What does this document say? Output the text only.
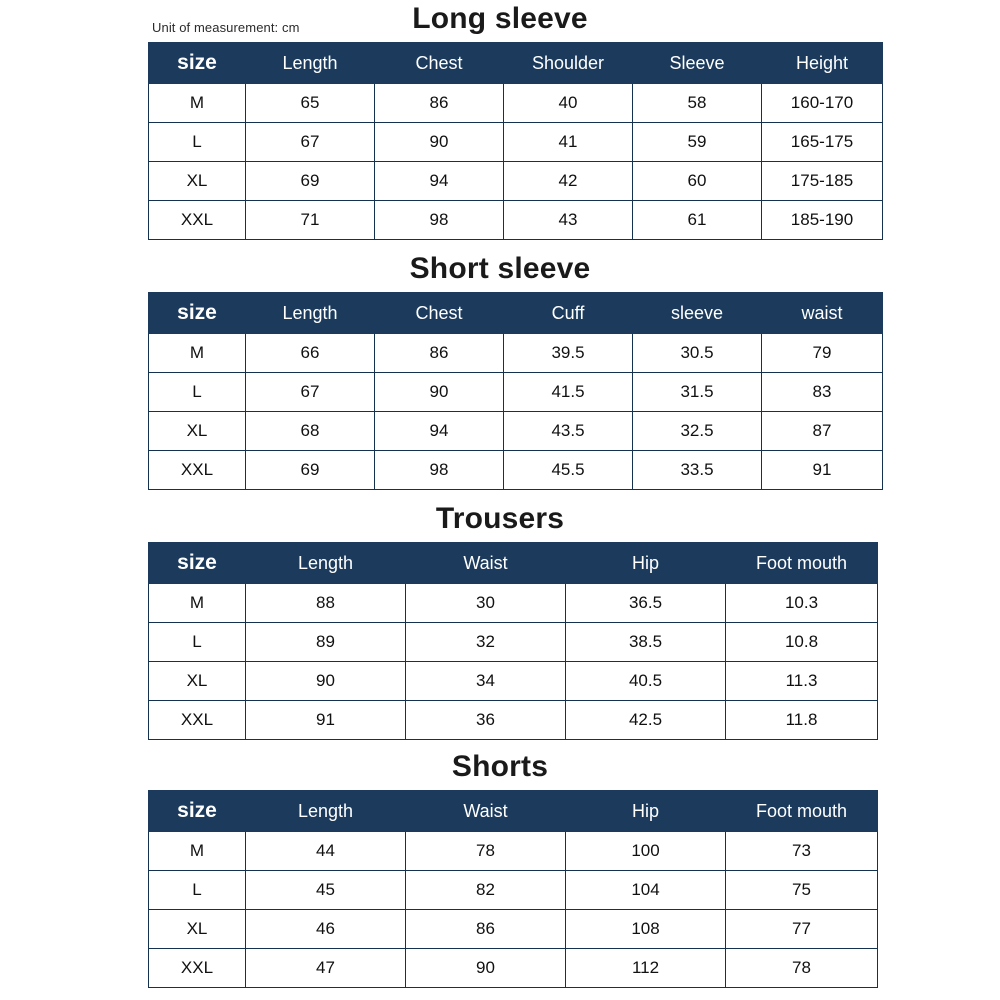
Unit of measurement: cm	Long sleeve
size	Length	Chest	Shoulder	Sleeve	Height
M	65	86	40	58	160-170
L	67	90	41	59	165-175
XL	69	94	42	60	175-185
XXL	71	98	43	61	185-190
Short sleeve
size	Length	Chest	Cuff	sleeve	waist
M	66	86	39.5	30.5	79
L	67	90	41.5	31.5	83
XL	68	94	43.5	32.5	87
XXL	69	98	45.5	33.5	91
Trousers
size	Length	Waist	Hip	Foot mouth
M	88	30	36.5	10.3
L	89	32	38.5	10.8
XL	90	34	40.5	11.3
XXL	91	36	42.5	11.8
Shorts
size	Length	Waist	Hip	Foot mouth
M	44	78	100	73
L	45	82	104	75
XL	46	86	108	77
XXL	47	90	112	78
